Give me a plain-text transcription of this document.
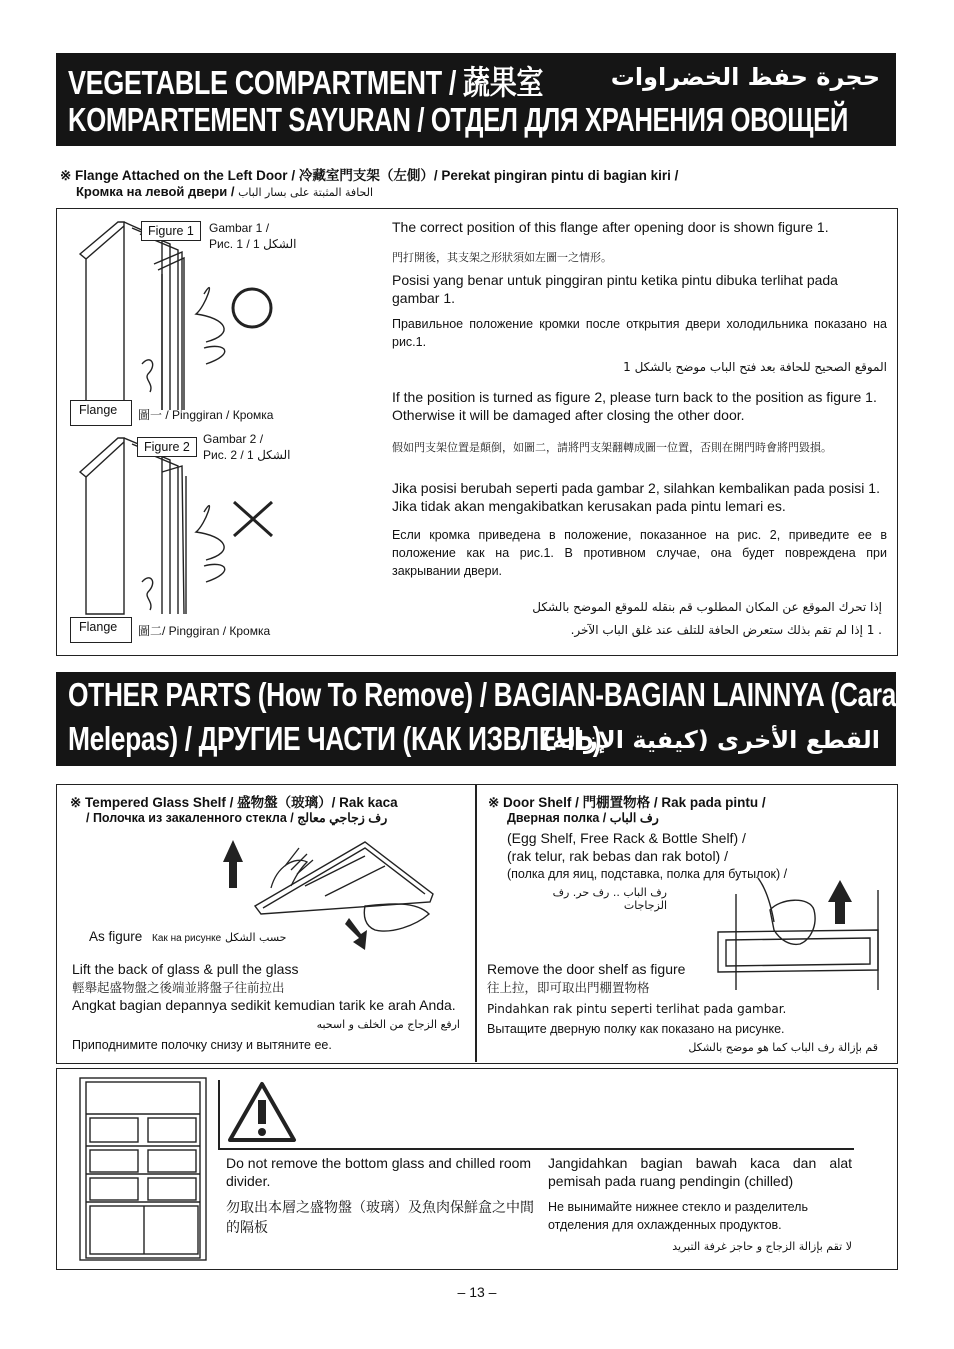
VEGETABLE COMPARTMENT / 蔬果室	حجرة حفظ الخضراوات
KOMPARTEMENT SAYURAN / ОТДЕЛ ДЛЯ ХРАНЕНИЯ ОВОЩЕЙ
※ Flange Attached on the Left Door / 冷藏室門支架（左側）/ Perekat pingiran pintu di bagian kiri /
Кромка на левой двери / الحافة المثبتة على بسار الباب
Figure 1	Gambar 1 /
Рис. 1 / 1 الشكل
Flange	圖一 / Pinggiran / Кромка
Figure 2
Gambar 2 /
Рис. 2 / 1 الشكل
Flange	圖二/ Pinggiran / Кромка
The correct position of this flange after opening door is shown figure 1.
門打開後，其支架之形狀須如左圖一之情形。
Posisi yang benar untuk pinggiran pintu ketika pintu dibuka terlihat pada gambar 1.
Правильное положение кромки после открытия двери холодильника показано на рис.1.
الموقع الصحيح للحافة بعد فتح الباب موضح بالشكل 1
If the position is turned as figure 2, please turn back to the position as figure 1. Otherwise it will be damaged after closing the other door.
假如門支架位置是顛倒，如圖二，請將門支架翻轉成圖一位置，否則在開門時會將門毀損。
Jika posisi berubah seperti pada gambar 2, silahkan kembalikan pada posisi 1. Jika tidak akan mengakibatkan kerusakan pada pintu lemari es.
Если кромка приведена в положение, показанное на рис. 2, приведите ее в положение как на рис.1. В противном случае, она будет повреждена при закрывании двери.
إذا تحرك الموقع عن المكان المطلوب قم بنقله للموقع الموضح بالشكل
. 1 إذا لم تقم بذلك ستعرض الحافة للتلف عند غلق الباب الآخر.
OTHER PARTS (How To Remove) / BAGIAN-BAGIAN LAINNYA (Cara
Melepas) / ДРУГИЕ ЧАСТИ (КАК ИЗВЛЕЧЬ)
القطع الأخرى (كيفية الإزالة)
※ Tempered Glass Shelf / 盛物盤（玻璃）/ Rak kaca
/ Полочка из закаленного стекла / رف زجاجي معالج
As figure Как на рисунке حسب الشكل
Lift the back of glass & pull the glass
輕舉起盛物盤之後端並將盤子往前拉出
Angkat bagian depannya sedikit kemudian tarik ke arah Anda.
ارفع الزجاج من الخلف و اسحبه
Приподнимите полочку снизу и вытяните ее.
※ Door Shelf / 門棚置物格 / Rak pada pintu /
Дверная полка / رف الباب
(Egg Shelf, Free Rack & Bottle Shelf) /
(rak telur, rak bebas dan rak botol) /
(полка для яиц, подставка, полка для бутылок) /
رف الباب .. رف حر. رف الزجاجات
Remove the door shelf as figure
往上拉，即可取出門棚置物格
Pindahkan rak pintu seperti terlihat pada gambar.
Вытащите дверную полку как показано на рисунке.
قم بإزالة رف الباب كما هو موضح بالشكل
Do not remove the bottom glass and chilled room divider.
勿取出本層之盛物盤（玻璃）及魚肉保鮮盒之中間的隔板
Jangidahkan bagian bawah kaca dan alat pemisah pada ruang pendingin (chilled)
Не вынимайте нижнее стекло и разделитель отделения для охлажденных продуктов.
لا تقم بإزالة الزجاج و حاجز غرفة التبريد
– 13 –
